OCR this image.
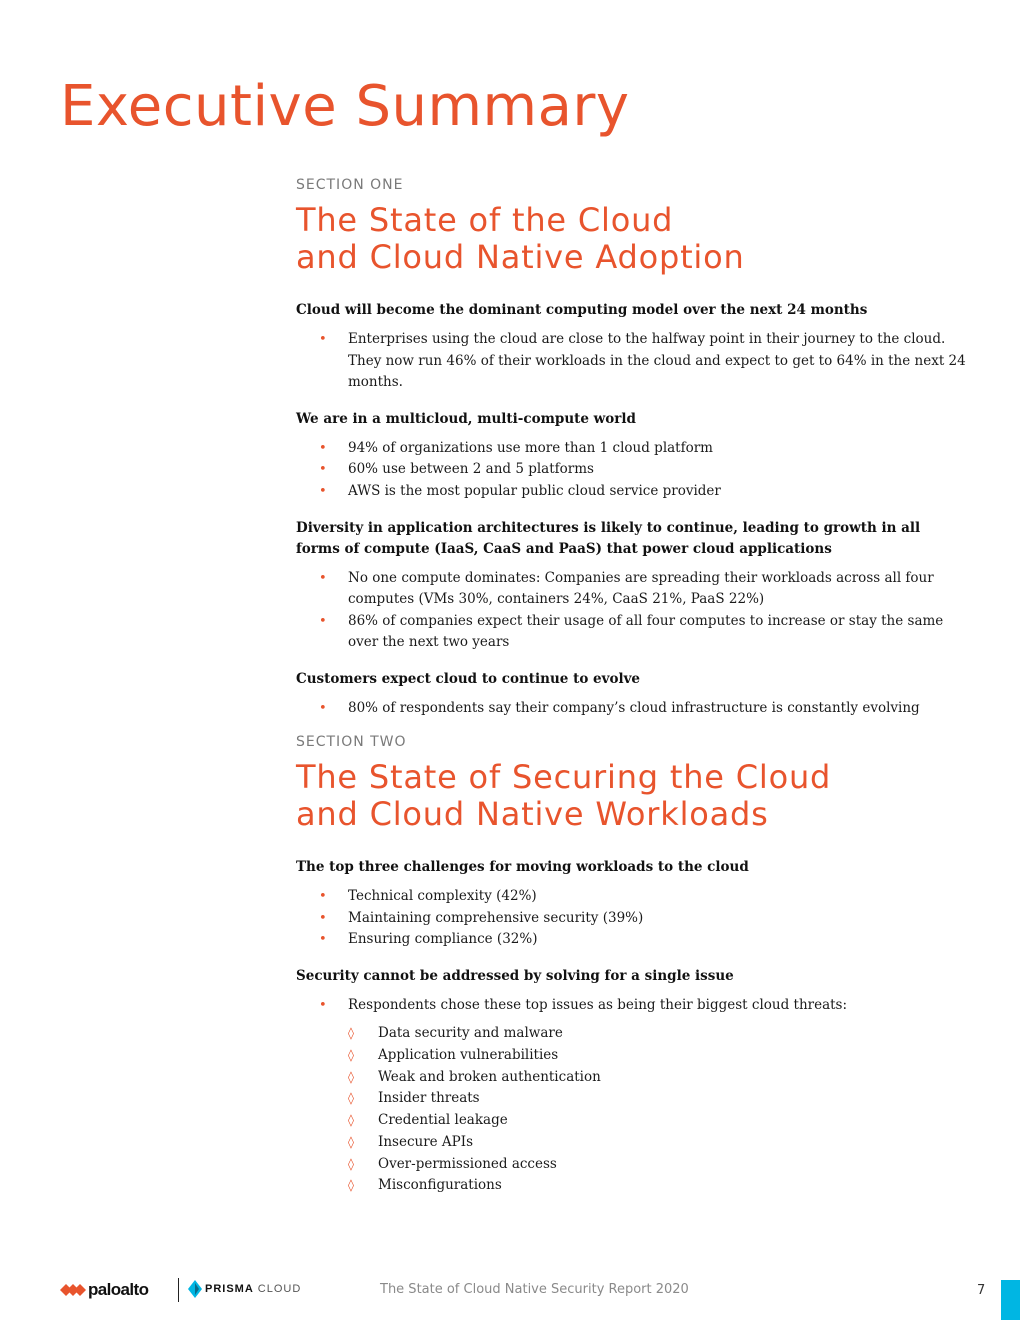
Executive Summary

SECTION ONE

The State of the Cloud
and Cloud Native Adoption

Cloud will become the dominant computing model over the next 24 months

• Enterprises using the cloud are close to the halfway point in their journey to the cloud. They now run 46% of their workloads in the cloud and expect to get to 64% in the next 24 months.

We are in a multicloud, multi-compute world

• 94% of organizations use more than 1 cloud platform
• 60% use between 2 and 5 platforms
• AWS is the most popular public cloud service provider

Diversity in application architectures is likely to continue, leading to growth in all forms of compute (IaaS, CaaS and PaaS) that power cloud applications

• No one compute dominates: Companies are spreading their workloads across all four computes (VMs 30%, containers 24%, CaaS 21%, PaaS 22%)
• 86% of companies expect their usage of all four computes to increase or stay the same over the next two years

Customers expect cloud to continue to evolve

• 80% of respondents say their company’s cloud infrastructure is constantly evolving

SECTION TWO

The State of Securing the Cloud
and Cloud Native Workloads

The top three challenges for moving workloads to the cloud

• Technical complexity (42%)
• Maintaining comprehensive security (39%)
• Ensuring compliance (32%)

Security cannot be addressed by solving for a single issue

• Respondents chose these top issues as being their biggest cloud threats:
◊ Data security and malware
◊ Application vulnerabilities
◊ Weak and broken authentication
◊ Insider threats
◊ Credential leakage
◊ Insecure APIs
◊ Over-permissioned access
◊ Misconfigurations
paloalto	PRISMA CLOUD	The State of Cloud Native Security Report 2020	7
